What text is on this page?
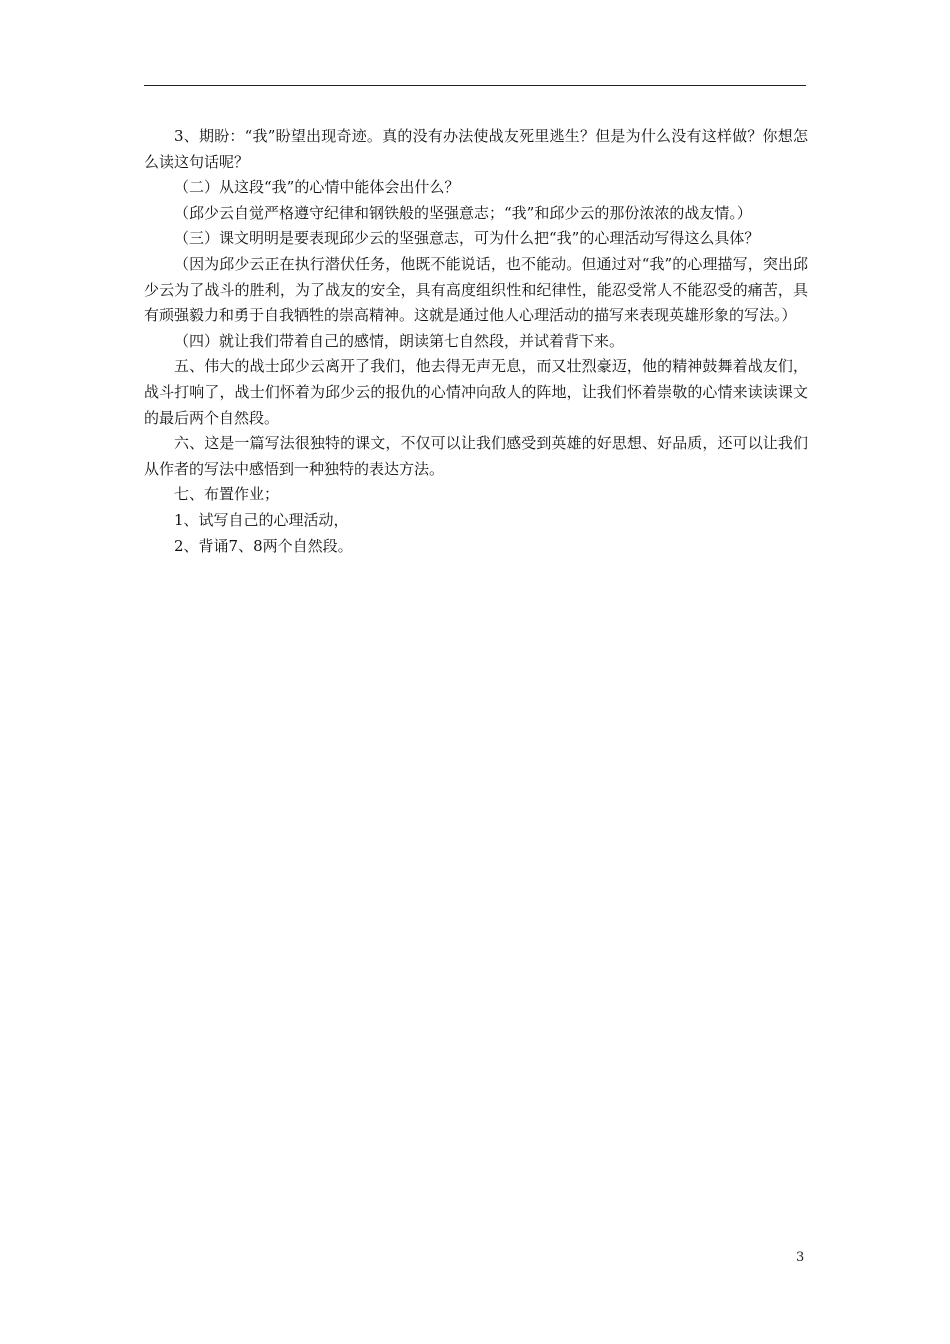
3、期盼：“我”盼望出现奇迹。真的没有办法使战友死里逃生？但是为什么没有这样做？你想怎么读这句话呢？

（二）从这段“我”的心情中能体会出什么？

（邱少云自觉严格遵守纪律和钢铁般的坚强意志；“我”和邱少云的那份浓浓的战友情。）

（三）课文明明是要表现邱少云的坚强意志，可为什么把“我”的心理活动写得这么具体？

（因为邱少云正在执行潜伏任务，他既不能说话，也不能动。但通过对“我”的心理描写，突出邱少云为了战斗的胜利，为了战友的安全，具有高度组织性和纪律性，能忍受常人不能忍受的痛苦，具有顽强毅力和勇于自我牺牲的崇高精神。这就是通过他人心理活动的描写来表现英雄形象的写法。）

（四）就让我们带着自己的感情，朗读第七自然段，并试着背下来。

五、伟大的战士邱少云离开了我们，他去得无声无息，而又壮烈豪迈，他的精神鼓舞着战友们，战斗打响了，战士们怀着为邱少云的报仇的心情冲向敌人的阵地，让我们怀着崇敬的心情来读读课文的最后两个自然段。

六、这是一篇写法很独特的课文，不仅可以让我们感受到英雄的好思想、好品质，还可以让我们从作者的写法中感悟到一种独特的表达方法。

七、布置作业；

1、试写自己的心理活动，

2、背诵7、8两个自然段。

3
